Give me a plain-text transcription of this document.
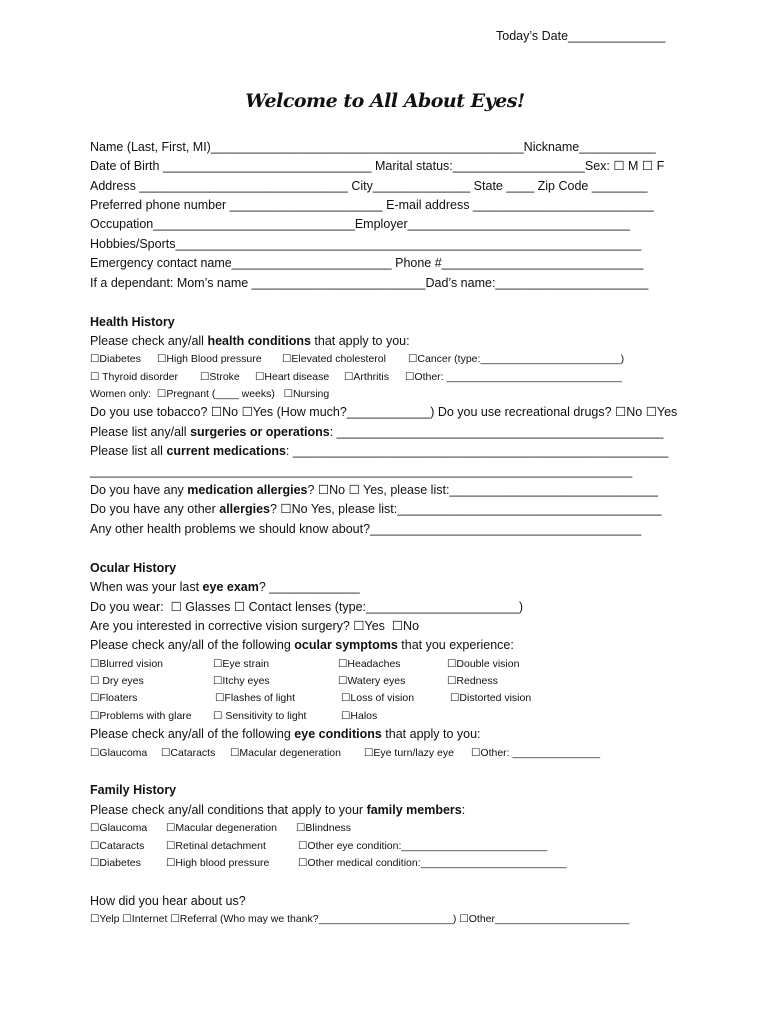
Today’s Date______________
Welcome to All About Eyes!
Name (Last, First, MI)_____________________________________________Nickname___________
Date of Birth ______________________________ Marital status:___________________Sex: ☐ M ☐ F
Address ______________________________ City______________ State ____ Zip Code ________
Preferred phone number ______________________ E-mail address __________________________
Occupation_____________________________Employer________________________________
Hobbies/Sports___________________________________________________________________
Emergency contact name_______________________ Phone #_____________________________
If a dependant: Mom’s name _________________________Dad’s name:______________________
Health History
Please check any/all health conditions that apply to you:
☐Diabetes ☐High Blood pressure ☐Elevated cholesterol ☐Cancer (type:________________________)
☐ Thyroid disorder ☐Stroke ☐Heart disease ☐Arthritis ☐Other: ______________________________
Women only:  ☐Pregnant (____ weeks)   ☐Nursing
Do you use tobacco? ☐No ☐Yes (How much?____________) Do you use recreational drugs? ☐No ☐Yes
Please list any/all surgeries or operations: _______________________________________________
Please list all current medications: ______________________________________________________
______________________________________________________________________________
Do you have any medication allergies? ☐No ☐ Yes, please list:______________________________
Do you have any other allergies? ☐No Yes, please list:______________________________________
Any other health problems we should know about?_______________________________________
Ocular History
When was your last eye exam? _____________
Do you wear:  ☐ Glasses ☐ Contact lenses (type:______________________)
Are you interested in corrective vision surgery? ☐Yes  ☐No
Please check any/all of the following ocular symptoms that you experience:
☐Blurred vision	☐Eye strain	☐Headaches	☐Double vision
☐ Dry eyes	☐Itchy eyes	☐Watery eyes	☐Redness
☐Floaters	☐Flashes of light	☐Loss of vision	☐Distorted vision
☐Problems with glare ☐ Sensitivity to light	☐Halos
Please check any/all of the following eye conditions that apply to you:
☐Glaucoma ☐Cataracts ☐Macular degeneration ☐Eye turn/lazy eye ☐Other: _______________
Family History
Please check any/all conditions that apply to your family members:
☐Glaucoma ☐Macular degeneration ☐Blindness
☐Cataracts ☐Retinal detachment	☐Other eye condition:_________________________
☐Diabetes ☐High blood pressure	☐Other medical condition:_________________________
How did you hear about us?
☐Yelp ☐Internet ☐Referral (Who may we thank?_______________________) ☐Other_______________________
